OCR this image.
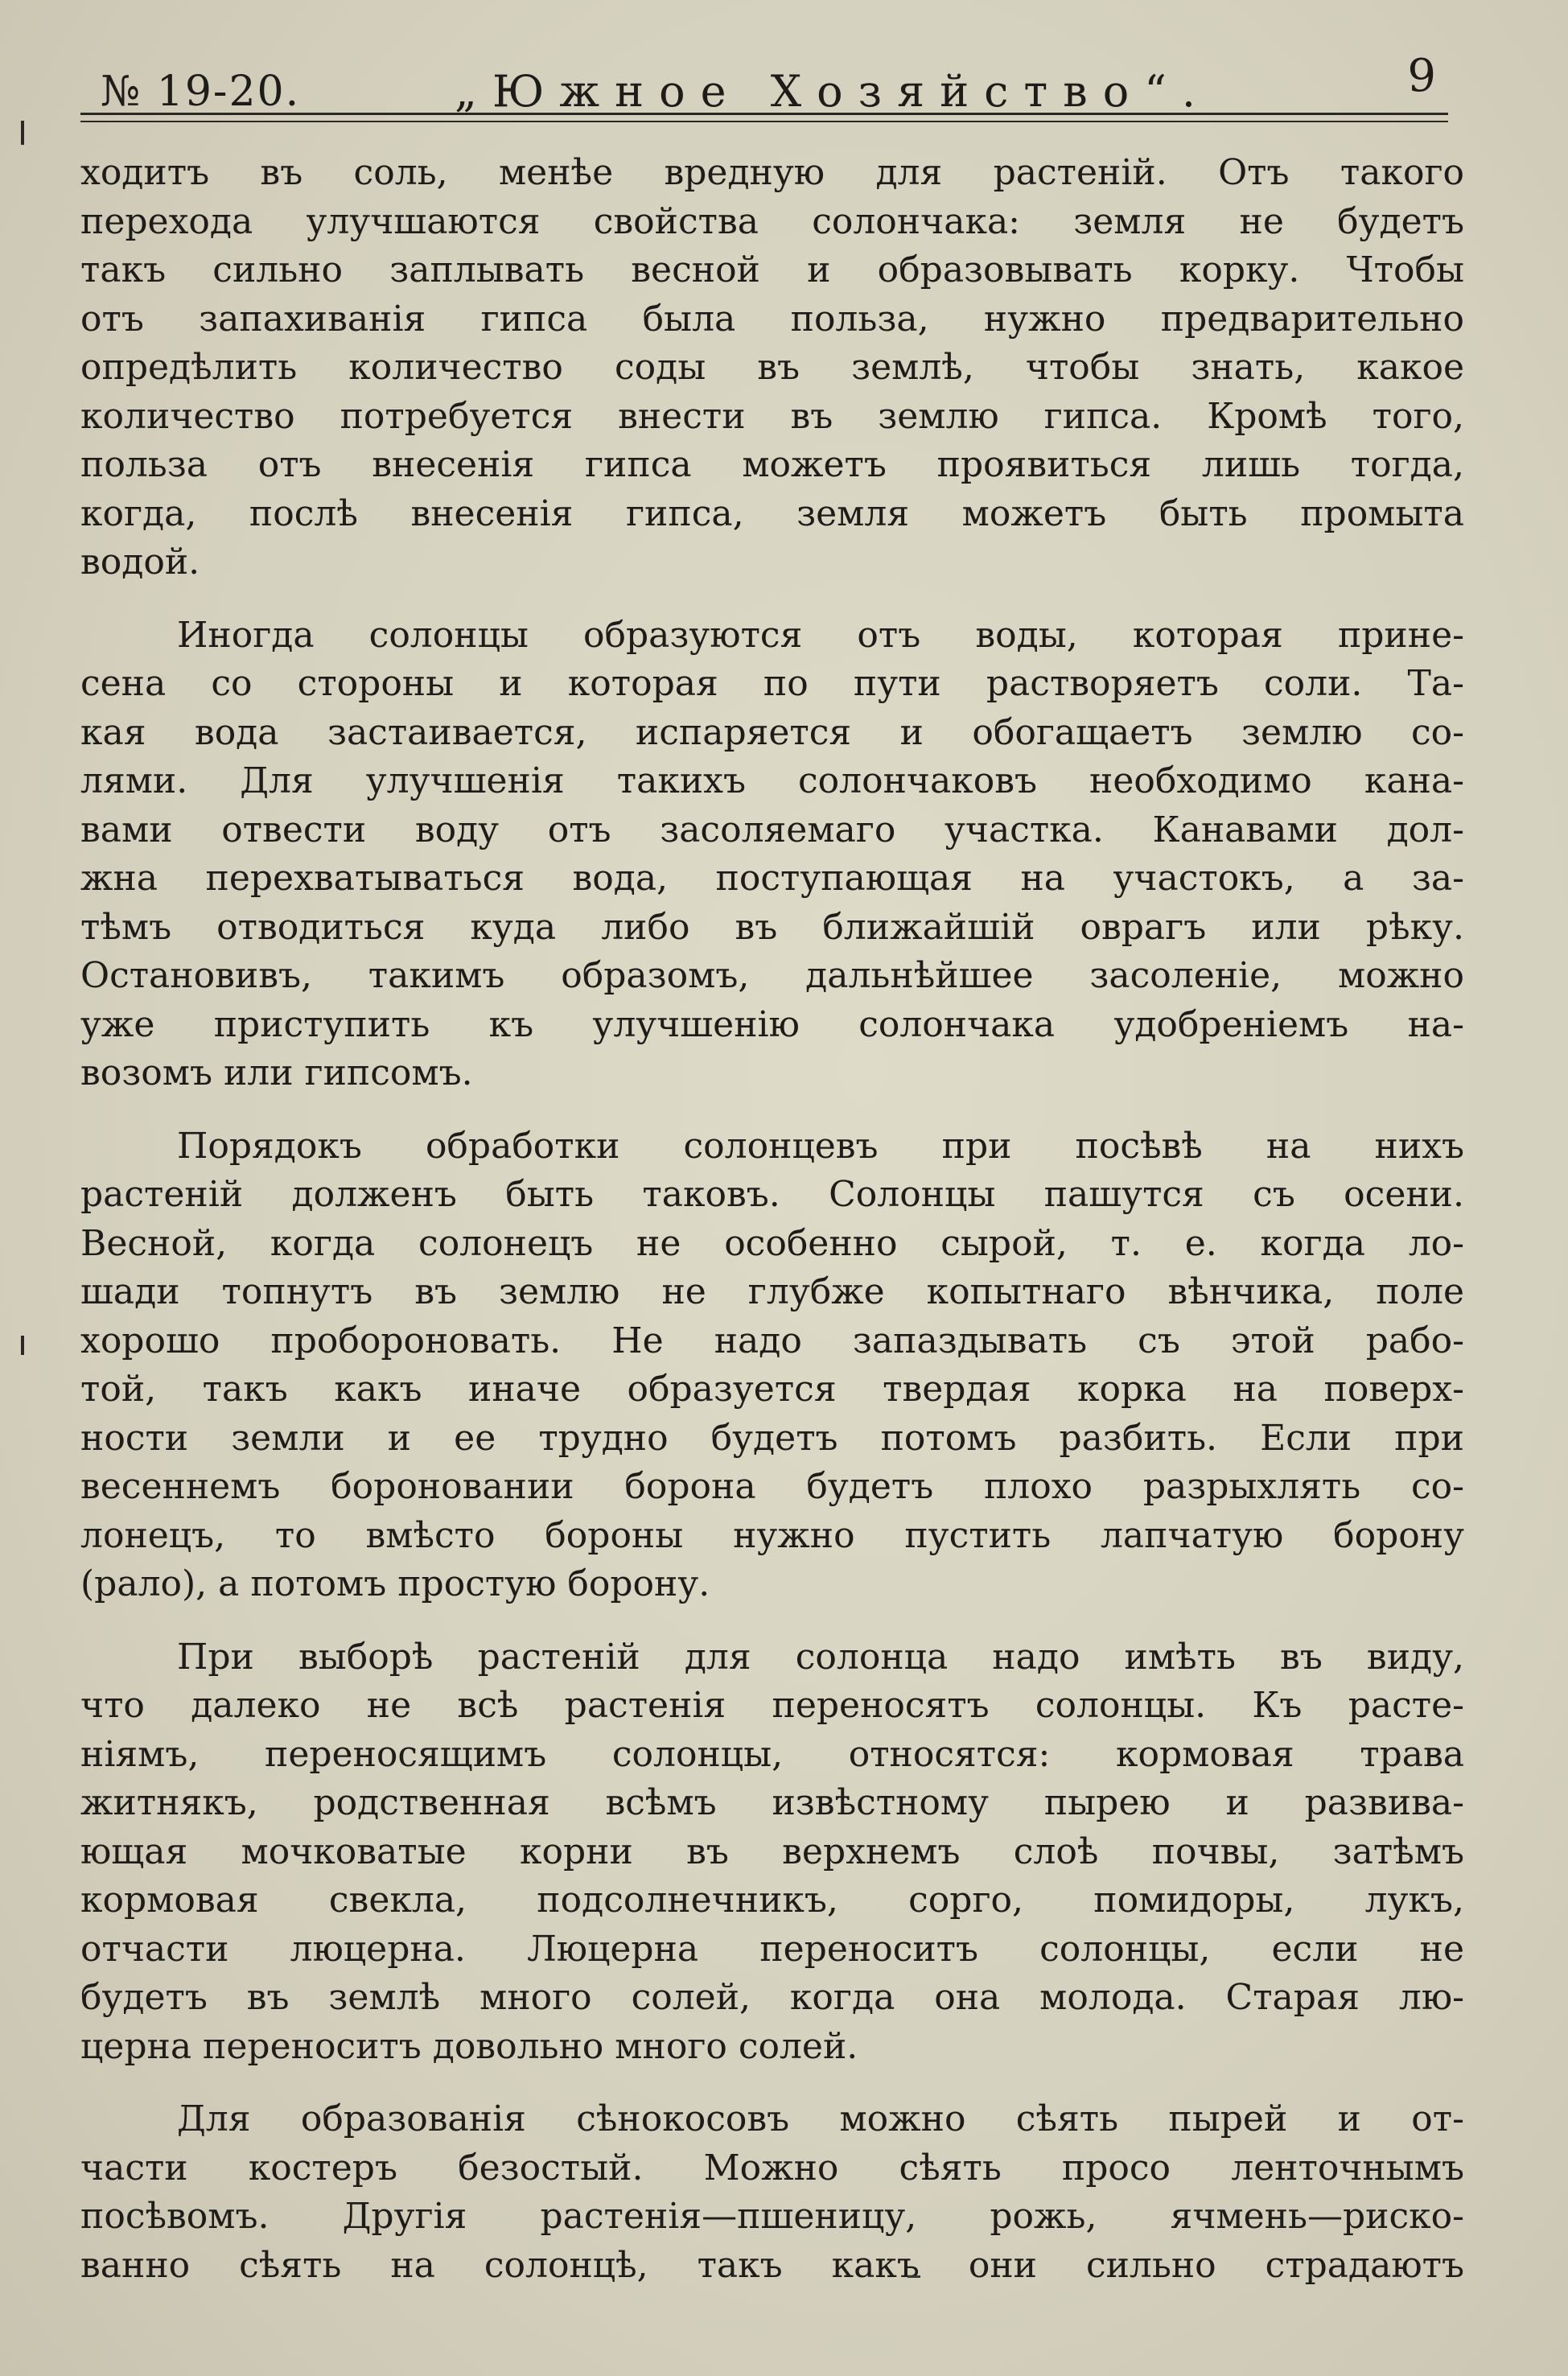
№ 19-20.	„Южное Хозяйство“.	9
ходитъ въ соль, менѣе вредную для растеній. Отъ такого
перехода улучшаются свойства солончака: земля не будетъ
такъ сильно заплывать весной и образовывать корку. Чтобы
отъ запахиванія гипса была польза, нужно предварительно
опредѣлить количество соды въ землѣ, чтобы знать, какое
количество потребуется внести въ землю гипса. Кромѣ того,
польза отъ внесенія гипса можетъ проявиться лишь тогда,
когда, послѣ внесенія гипса, земля можетъ быть промыта
водой.
Иногда солонцы образуются отъ воды, которая прине-
сена со стороны и которая по пути растворяетъ соли. Та-
кая вода застаивается, испаряется и обогащаетъ землю со-
лями. Для улучшенія такихъ солончаковъ необходимо кана-
вами отвести воду отъ засоляемаго участка. Канавами дол-
жна перехватываться вода, поступающая на участокъ, а за-
тѣмъ отводиться куда либо въ ближайшій оврагъ или рѣку.
Остановивъ, такимъ образомъ, дальнѣйшее засоленіе, можно
уже приступить къ улучшенію солончака удобреніемъ на-
возомъ или гипсомъ.
Порядокъ обработки солонцевъ при посѣвѣ на нихъ
растеній долженъ быть таковъ. Солонцы пашутся съ осени.
Весной, когда солонецъ не особенно сырой, т. е. когда ло-
шади топнутъ въ землю не глубже копытнаго вѣнчика, поле
хорошо пробороновать. Не надо запаздывать съ этой рабо-
той, такъ какъ иначе образуется твердая корка на поверх-
ности земли и ее трудно будетъ потомъ разбить. Если при
весеннемъ бороновании борона будетъ плохо разрыхлять со-
лонецъ, то вмѣсто бороны нужно пустить лапчатую борону
(рало), а потомъ простую борону.
При выборѣ растеній для солонца надо имѣть въ виду,
что далеко не всѣ растенія переносятъ солонцы. Къ расте-
ніямъ, переносящимъ солонцы, относятся: кормовая трава
житнякъ, родственная всѣмъ извѣстному пырею и развива-
ющая мочковатые корни въ верхнемъ слоѣ почвы, затѣмъ
кормовая свекла, подсолнечникъ, сорго, помидоры, лукъ,
отчасти люцерна. Люцерна переноситъ солонцы, если не
будетъ въ землѣ много солей, когда она молода. Старая лю-
церна переноситъ довольно много солей.
Для образованія сѣнокосовъ можно сѣять пырей и от-
части костеръ безостый. Можно сѣять просо ленточнымъ
посѣвомъ. Другія растенія—пшеницу, рожь, ячмень—риско-
ванно сѣять на солонцѣ, такъ какъ они сильно страдаютъ
